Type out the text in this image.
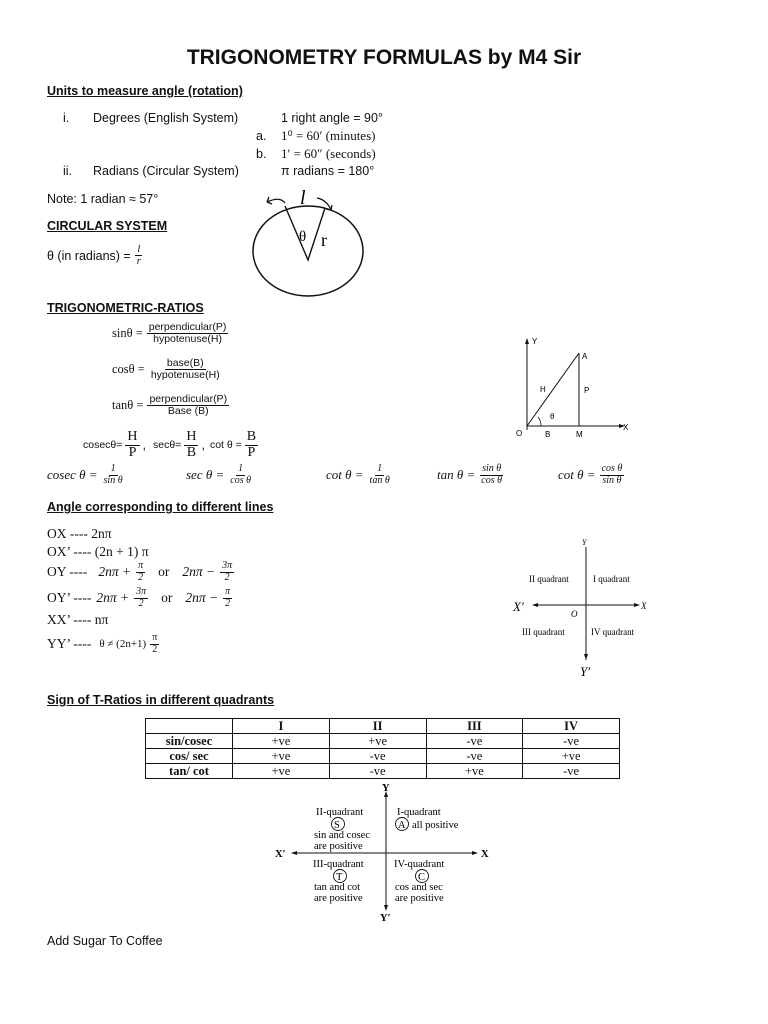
TRIGONOMETRY FORMULAS by M4 Sir
Units to measure angle (rotation)
i. Degrees (English System)	1 right angle = 90°
a. 1⁰ = 60′ (minutes)
b. 1′ = 60″ (seconds)
ii. Radians (Circular System)	π radians = 180°
Note: 1 radian ≈ 57°
CIRCULAR SYSTEM
θ (in radians) = $\frac{l}{r}$
l
θ r
TRIGONOMETRIC-RATIOS
$\sin\theta = \frac{\text{perpendicular(P)}}{\text{hypotenuse(H)}}$
$\cos\theta = \frac{\text{base(B)}}{\text{hypotenuse(H)}}$
$\tan\theta = \frac{\text{perpendicular(P)}}{\text{Base (B)}}$
$cosec\theta= \frac{H}{P}$ , $\sec\theta= \frac{H}{B}$ , $\cot \theta = \frac{B}{P}$
cosec $\theta = \frac{1}{\text{sin θ}}$	$\sec \theta = \frac{1}{\text{cos θ}}$	$\cot \theta = \frac{1}{\text{tan θ}}$	$\tan \theta = \frac{\text{sin θ}}{\text{cos θ}}$	$\cot \theta = \frac{\text{cos θ}}{\text{sin θ}}$
Y
X
O	B	M
A
H	P
θ
Angle corresponding to different lines
OX ---- 2nπ
OX’ ---- (2n + 1) π
OY ---- $2n\pi + \frac{\pi}{2}$ or $2n\pi - \frac{3\pi}{2}$
OY’ ---- $2n\pi + \frac{3\pi}{2}$ or $2n\pi - \frac{\pi}{2}$
XX’ ---- nπ
YY’ ---- $\theta \ne (2n+1) \frac{\pi}{2}$
Y
Y′
X
X′	O
I quadrant
II quadrant
III quadrant	IV quadrant
Sign of T-Ratios in different quadrants
	I	II	III	IV
sin/cosec	+ve	+ve	-ve	-ve
cos/ sec	+ve	-ve	-ve	+ve
tan/ cot	+ve	-ve	+ve	-ve
Y
Y′
X
X′
II-quadrant
S
sin and cosec
are positive
I-quadrant
A all positive
III-quadrant
T
tan and cot
are positive
IV-quadrant
C
cos and sec
are positive
Add Sugar To Coffee
